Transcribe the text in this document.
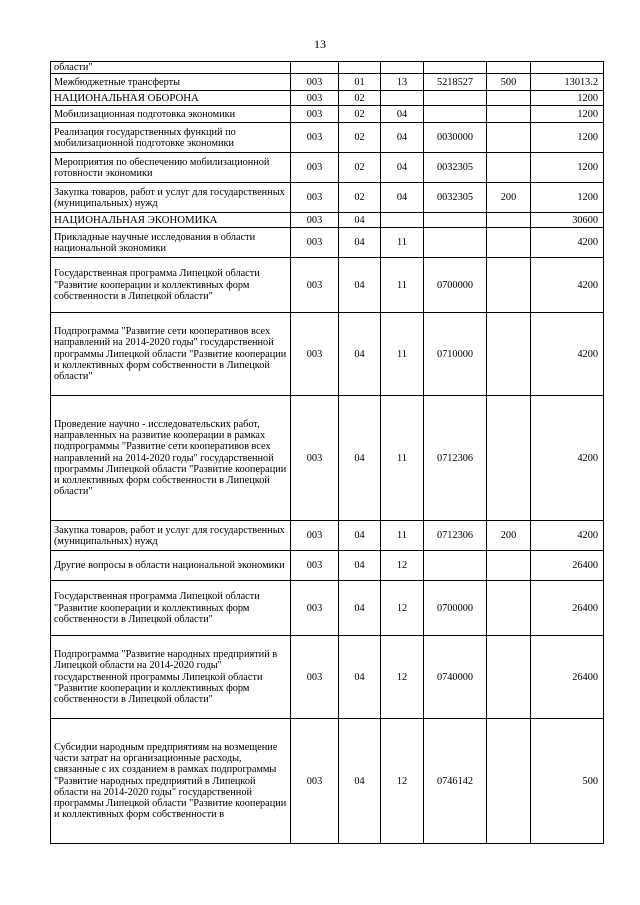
13
области"						
Межбюджетные трансферты	003	01	13	5218527	500	13013.2
НАЦИОНАЛЬНАЯ ОБОРОНА	003	02				1200
Мобилизационная подготовка экономики	003	02	04			1200
Реализация государственных функций по мобилизационной подготовке экономики	003	02	04	0030000		1200
Мероприятия по обеспечению мобилизационной готовности экономики	003	02	04	0032305		1200
Закупка товаров, работ и услуг для государственных (муниципальных) нужд	003	02	04	0032305	200	1200
НАЦИОНАЛЬНАЯ ЭКОНОМИКА	003	04				30600
Прикладные научные исследования в области национальной экономики	003	04	11			4200
Государственная программа Липецкой области "Развитие кооперации и коллективных форм собственности в Липецкой области"	003	04	11	0700000		4200
Подпрограмма "Развитие сети кооперативов всех направлений на 2014-2020 годы" государственной программы Липецкой области "Развитие кооперации и коллективных форм собственности в Липецкой области"	003	04	11	0710000		4200
Проведение научно - исследовательских работ, направленных на развитие кооперации в рамках подпрограммы "Развитие сети кооперативов всех направлений на 2014-2020 годы" государственной программы Липецкой области "Развитие кооперации и коллективных форм собственности в Липецкой области"	003	04	11	0712306		4200
Закупка товаров, работ и услуг для государственных (муниципальных) нужд	003	04	11	0712306	200	4200
Другие вопросы в области национальной экономики	003	04	12			26400
Государственная программа Липецкой области "Развитие кооперации и коллективных форм собственности в Липецкой области"	003	04	12	0700000		26400
Подпрограмма "Развитие народных предприятий в Липецкой области на 2014-2020 годы" государственной программы Липецкой области "Развитие кооперации и коллективных форм собственности в Липецкой области"	003	04	12	0740000		26400
Субсидии народным предприятиям на возмещение части затрат на организационные расходы, связанные с их созданием в рамках подпрограммы "Развитие народных предприятий в Липецкой области на 2014-2020 годы" государственной программы Липецкой области "Развитие кооперации и коллективных форм собственности в	003	04	12	0746142		500
